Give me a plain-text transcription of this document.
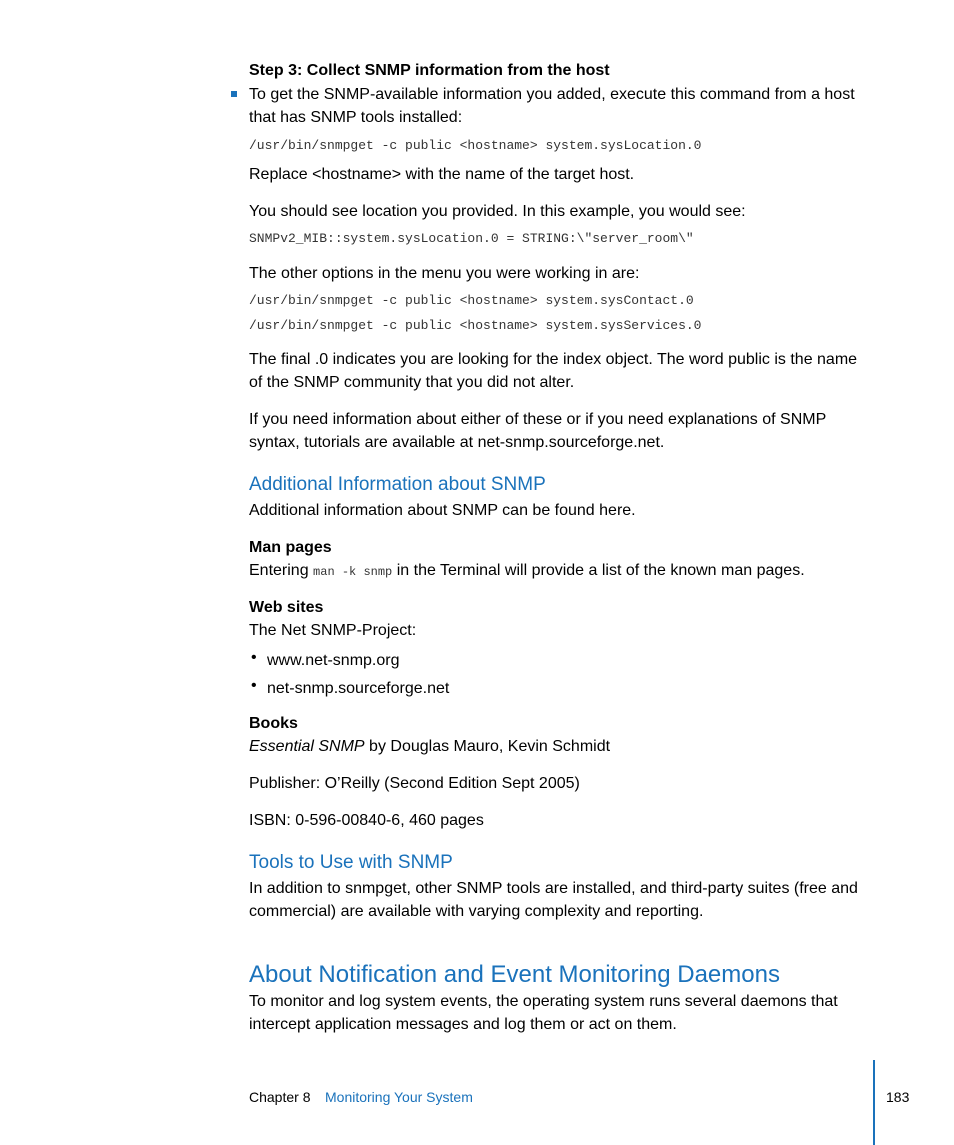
Step 3: Collect SNMP information from the host
To get the SNMP-available information you added, execute this command from a host that has SNMP tools installed:
/usr/bin/snmpget -c public <hostname> system.sysLocation.0
Replace <hostname> with the name of the target host.
You should see location you provided. In this example, you would see:
SNMPv2_MIB::system.sysLocation.0 = STRING:\"server_room\"
The other options in the menu you were working in are:
/usr/bin/snmpget -c public <hostname> system.sysContact.0
/usr/bin/snmpget -c public <hostname> system.sysServices.0
The final .0 indicates you are looking for the index object. The word public is the name of the SNMP community that you did not alter.
If you need information about either of these or if you need explanations of SNMP syntax, tutorials are available at net-snmp.sourceforge.net.
Additional Information about SNMP
Additional information about SNMP can be found here.
Man pages
Entering man -k snmp in the Terminal will provide a list of the known man pages.
Web sites
The Net SNMP-Project:
• www.net-snmp.org
• net-snmp.sourceforge.net
Books
Essential SNMP by Douglas Mauro, Kevin Schmidt
Publisher: O’Reilly (Second Edition Sept 2005)
ISBN: 0-596-00840-6, 460 pages
Tools to Use with SNMP
In addition to snmpget, other SNMP tools are installed, and third-party suites (free and commercial) are available with varying complexity and reporting.
About Notification and Event Monitoring Daemons
To monitor and log system events, the operating system runs several daemons that intercept application messages and log them or act on them.
Chapter 8 Monitoring Your System	183
